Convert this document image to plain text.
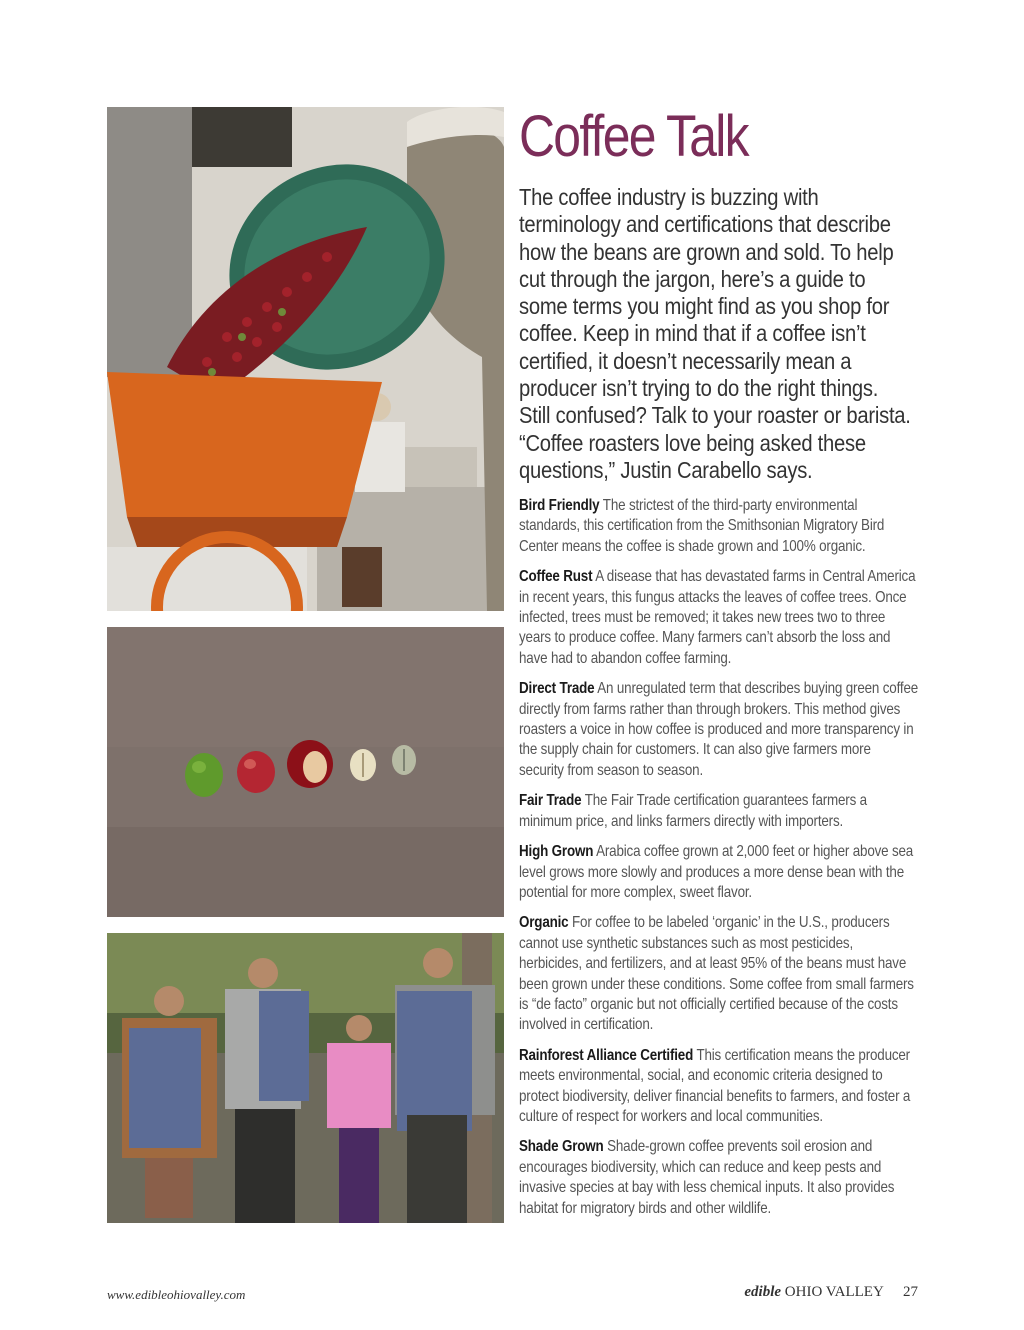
Coffee Talk

The coffee industry is buzzing with terminology and certifications that describe how the beans are grown and sold. To help cut through the jargon, here’s a guide to some terms you might find as you shop for coffee. Keep in mind that if a coffee isn’t certified, it doesn’t necessarily mean a producer isn’t trying to do the right things. Still confused? Talk to your roaster or barista. “Coffee roasters love being asked these questions,” Justin Carabello says.

Bird Friendly The strictest of the third-party environmental standards, this certification from the Smithsonian Migratory Bird Center means the coffee is shade grown and 100% organic.

Coffee Rust A disease that has devastated farms in Central America in recent years, this fungus attacks the leaves of coffee trees. Once infected, trees must be removed; it takes new trees two to three years to produce coffee. Many farmers can’t absorb the loss and have had to abandon coffee farming.

Direct Trade An unregulated term that describes buying green coffee directly from farms rather than through brokers. This method gives roasters a voice in how coffee is produced and more transparency in the supply chain for customers. It can also give farmers more security from season to season.

Fair Trade The Fair Trade certification guarantees farmers a minimum price, and links farmers directly with importers.

High Grown Arabica coffee grown at 2,000 feet or higher above sea level grows more slowly and produces a more dense bean with the potential for more complex, sweet flavor.

Organic For coffee to be labeled ‘organic’ in the U.S., producers cannot use synthetic substances such as most pesticides, herbicides, and fertilizers, and at least 95% of the beans must have been grown under these conditions. Some coffee from small farmers is “de facto” organic but not officially certified because of the costs involved in certification.

Rainforest Alliance Certified This certification means the producer meets environmental, social, and economic criteria designed to protect biodiversity, deliver financial benefits to farmers, and foster a culture of respect for workers and local communities.

Shade Grown Shade-grown coffee prevents soil erosion and encourages biodiversity, which can reduce and keep pests and invasive species at bay with less chemical inputs. It also provides habitat for migratory birds and other wildlife.

www.edibleohiovalley.com	edible OHIO VALLEY 27
